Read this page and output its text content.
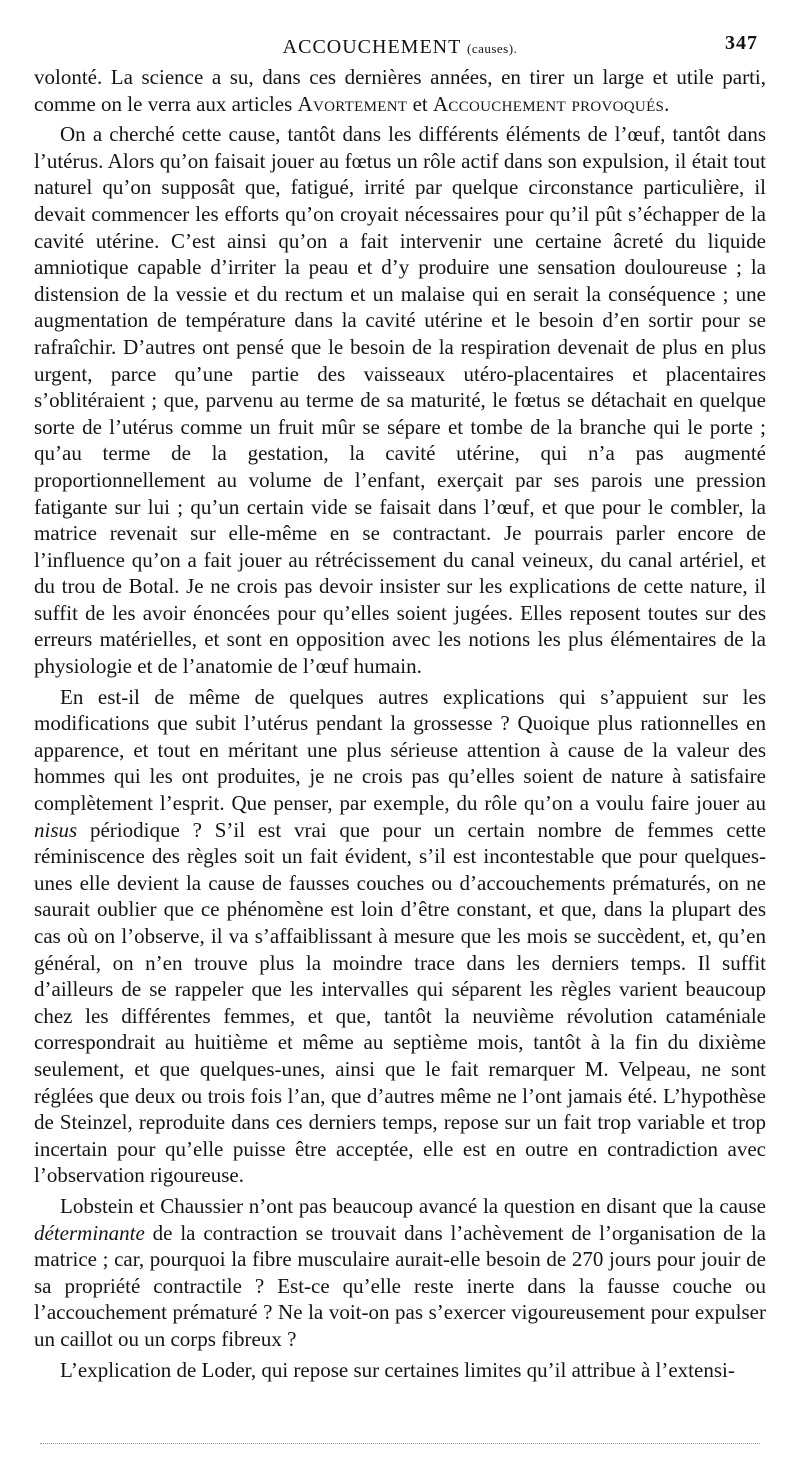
ACCOUCHEMENT (causes).	347

volonté. La science a su, dans ces dernières années, en tirer un large et utile parti, comme on le verra aux articles Avortement et Accouchement provoqués.

On a cherché cette cause, tantôt dans les différents éléments de l’œuf, tantôt dans l’utérus. Alors qu’on faisait jouer au fœtus un rôle actif dans son expulsion, il était tout naturel qu’on supposât que, fatigué, irrité par quelque circonstance particulière, il devait commencer les efforts qu’on croyait nécessaires pour qu’il pût s’échapper de la cavité utérine. C’est ainsi qu’on a fait intervenir une certaine âcreté du liquide amniotique capable d’irriter la peau et d’y produire une sensation douloureuse ; la distension de la vessie et du rectum et un malaise qui en serait la conséquence ; une augmentation de température dans la cavité utérine et le besoin d’en sortir pour se rafraîchir. D’autres ont pensé que le besoin de la respiration devenait de plus en plus urgent, parce qu’une partie des vaisseaux utéro-placentaires et placentaires s’oblitéraient ; que, parvenu au terme de sa maturité, le fœtus se détachait en quelque sorte de l’utérus comme un fruit mûr se sépare et tombe de la branche qui le porte ; qu’au terme de la gestation, la cavité utérine, qui n’a pas augmenté proportionnellement au volume de l’enfant, exerçait par ses parois une pression fatigante sur lui ; qu’un certain vide se faisait dans l’œuf, et que pour le combler, la matrice revenait sur elle-même en se contractant. Je pourrais parler encore de l’influence qu’on a fait jouer au rétrécissement du canal veineux, du canal artériel, et du trou de Botal. Je ne crois pas devoir insister sur les explications de cette nature, il suffit de les avoir énoncées pour qu’elles soient jugées. Elles reposent toutes sur des erreurs matérielles, et sont en opposition avec les notions les plus élémentaires de la physiologie et de l’anatomie de l’œuf humain.

En est-il de même de quelques autres explications qui s’appuient sur les modifications que subit l’utérus pendant la grossesse ? Quoique plus rationnelles en apparence, et tout en méritant une plus sérieuse attention à cause de la valeur des hommes qui les ont produites, je ne crois pas qu’elles soient de nature à satisfaire complètement l’esprit. Que penser, par exemple, du rôle qu’on a voulu faire jouer au nisus périodique ? S’il est vrai que pour un certain nombre de femmes cette réminiscence des règles soit un fait évident, s’il est incontestable que pour quelques-unes elle devient la cause de fausses couches ou d’accouchements prématurés, on ne saurait oublier que ce phénomène est loin d’être constant, et que, dans la plupart des cas où on l’observe, il va s’affaiblissant à mesure que les mois se succèdent, et, qu’en général, on n’en trouve plus la moindre trace dans les derniers temps. Il suffit d’ailleurs de se rappeler que les intervalles qui séparent les règles varient beaucoup chez les différentes femmes, et que, tantôt la neuvième révolution cataméniale correspondrait au huitième et même au septième mois, tantôt à la fin du dixième seulement, et que quelques-unes, ainsi que le fait remarquer M. Velpeau, ne sont réglées que deux ou trois fois l’an, que d’autres même ne l’ont jamais été. L’hypothèse de Steinzel, reproduite dans ces derniers temps, repose sur un fait trop variable et trop incertain pour qu’elle puisse être acceptée, elle est en outre en contradiction avec l’observation rigoureuse.

Lobstein et Chaussier n’ont pas beaucoup avancé la question en disant que la cause déterminante de la contraction se trouvait dans l’achèvement de l’organisation de la matrice ; car, pourquoi la fibre musculaire aurait-elle besoin de 270 jours pour jouir de sa propriété contractile ? Est-ce qu’elle reste inerte dans la fausse couche ou l’accouchement prématuré ? Ne la voit-on pas s’exercer vigoureusement pour expulser un caillot ou un corps fibreux ?

L’explication de Loder, qui repose sur certaines limites qu’il attribue à l’extensi-
